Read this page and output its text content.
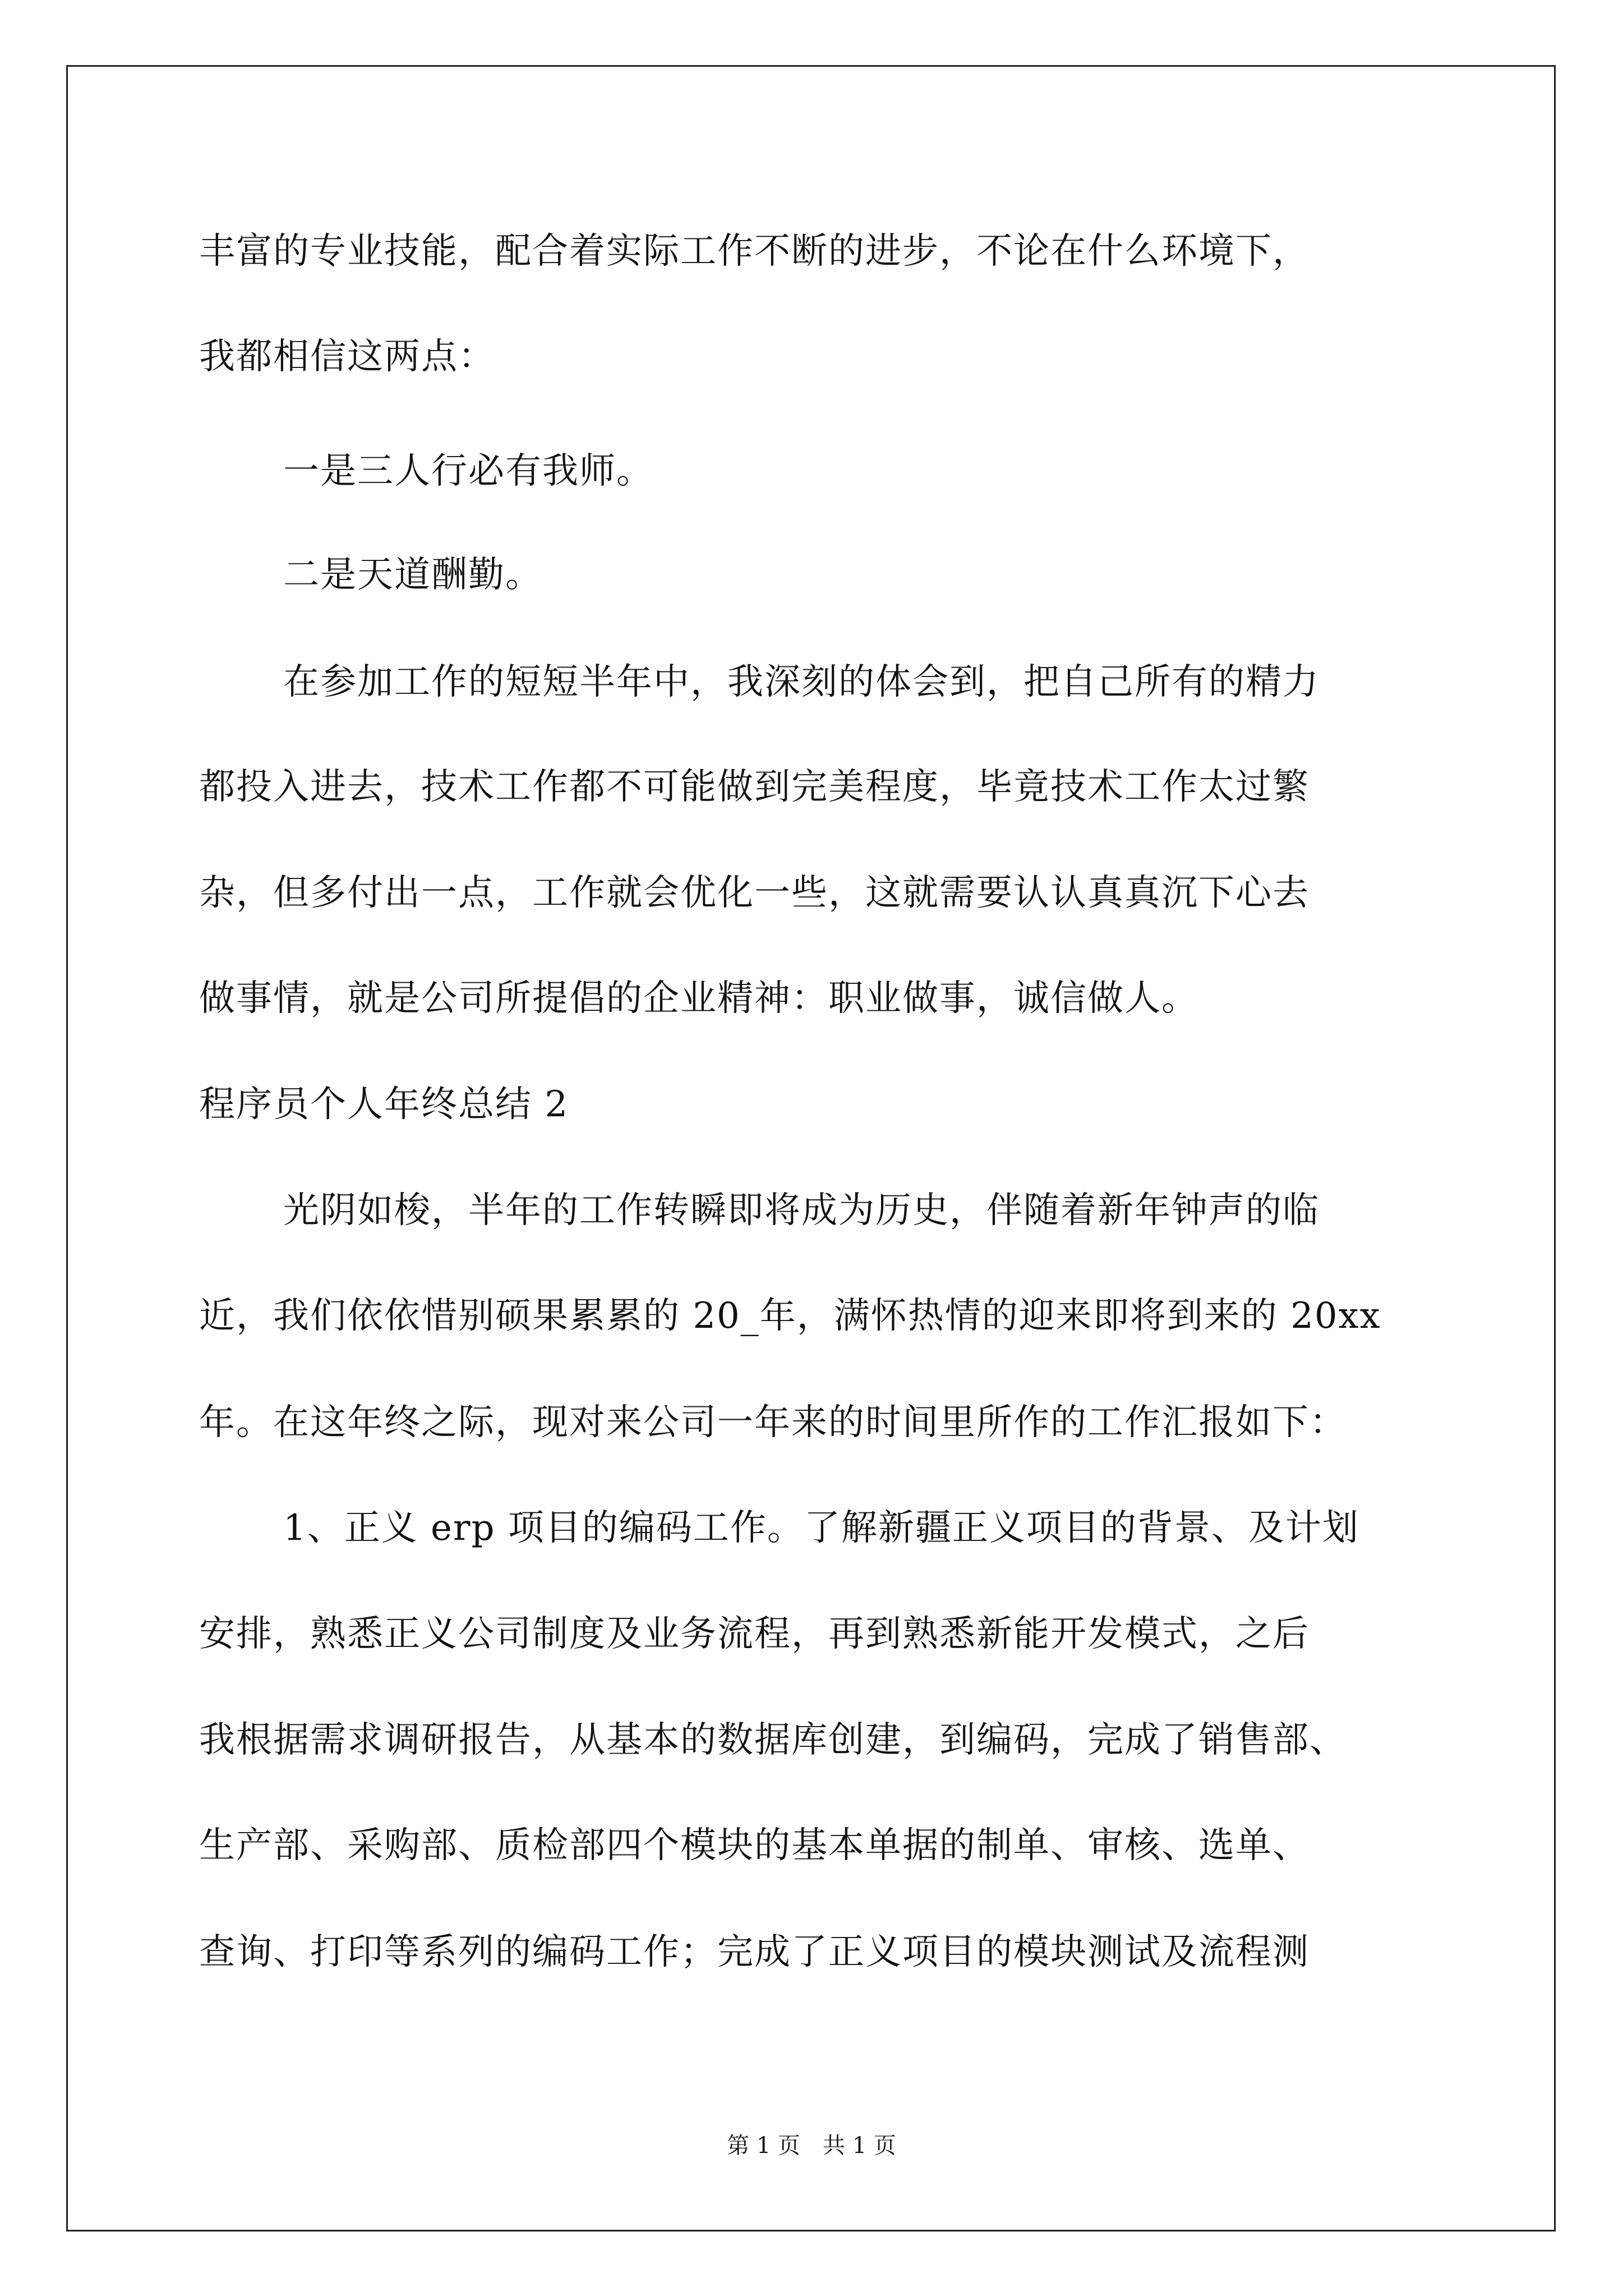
丰富的专业技能，配合着实际工作不断的进步，不论在什么环境下，
我都相信这两点：
一是三人行必有我师。
二是天道酬勤。
在参加工作的短短半年中，我深刻的体会到，把自己所有的精力
都投入进去，技术工作都不可能做到完美程度，毕竟技术工作太过繁
杂，但多付出一点，工作就会优化一些，这就需要认认真真沉下心去
做事情，就是公司所提倡的企业精神：职业做事，诚信做人。
程序员个人年终总结 2
光阴如梭，半年的工作转瞬即将成为历史，伴随着新年钟声的临
近，我们依依惜别硕果累累的 20_年，满怀热情的迎来即将到来的 20xx
年。在这年终之际，现对来公司一年来的时间里所作的工作汇报如下：
1、正义 erp 项目的编码工作。了解新疆正义项目的背景、及计划
安排，熟悉正义公司制度及业务流程，再到熟悉新能开发模式，之后
我根据需求调研报告，从基本的数据库创建，到编码，完成了销售部、
生产部、采购部、质检部四个模块的基本单据的制单、审核、选单、
查询、打印等系列的编码工作；完成了正义项目的模块测试及流程测
第 1 页　共 1 页
